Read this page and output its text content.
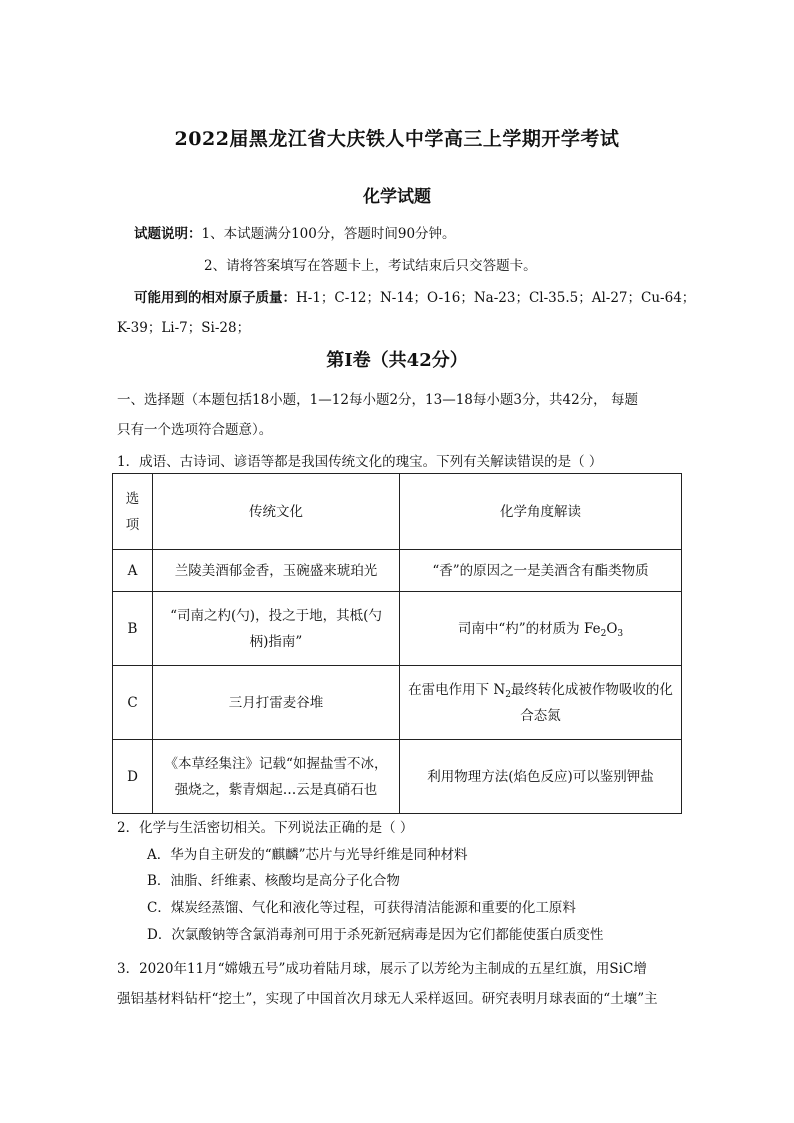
2022届黑龙江省大庆铁人中学高三上学期开学考试
化学试题
试题说明：1、本试题满分100分，答题时间90分钟。
2、请将答案填写在答题卡上，考试结束后只交答题卡。
可能用到的相对原子质量：H-1；C-12；N-14；O-16；Na-23；Cl-35.5；Al-27；Cu-64；
K-39；Li-7；Si-28；
第Ⅰ卷（共42分）
一、选择题（本题包括18小题，1—12每小题2分，13—18每小题3分，共42分， 每题
只有一个选项符合题意）。
1．成语、古诗词、谚语等都是我国传统文化的瑰宝。下列有关解读错误的是（ ）
选
项	传统文化	化学角度解读
A	兰陵美酒郁金香，玉碗盛来琥珀光	“香”的原因之一是美酒含有酯类物质
B	“司南之杓(勺)，投之于地，其柢(勺
柄)指南”	司南中“杓”的材质为 $Fe_2O_3$
C	三月打雷麦谷堆	在雷电作用下 $N_2$最终转化成被作物吸收的化
合态氮
D	《本草经集注》记载“如握盐雪不冰，
强烧之，紫青烟起…云是真硝石也	利用物理方法(焰色反应)可以鉴别钾盐
2．化学与生活密切相关。下列说法正确的是（ ）
A．华为自主研发的“麒麟”芯片与光导纤维是同种材料
B．油脂、纤维素、核酸均是高分子化合物
C．煤炭经蒸馏、气化和液化等过程，可获得清洁能源和重要的化工原料
D．次氯酸钠等含氯消毒剂可用于杀死新冠病毒是因为它们都能使蛋白质变性
3．2020年11月“嫦娥五号”成功着陆月球，展示了以芳纶为主制成的五星红旗，用SiC增
强铝基材料钻杆“挖土”，实现了中国首次月球无人采样返回。研究表明月球表面的“土壤”主
